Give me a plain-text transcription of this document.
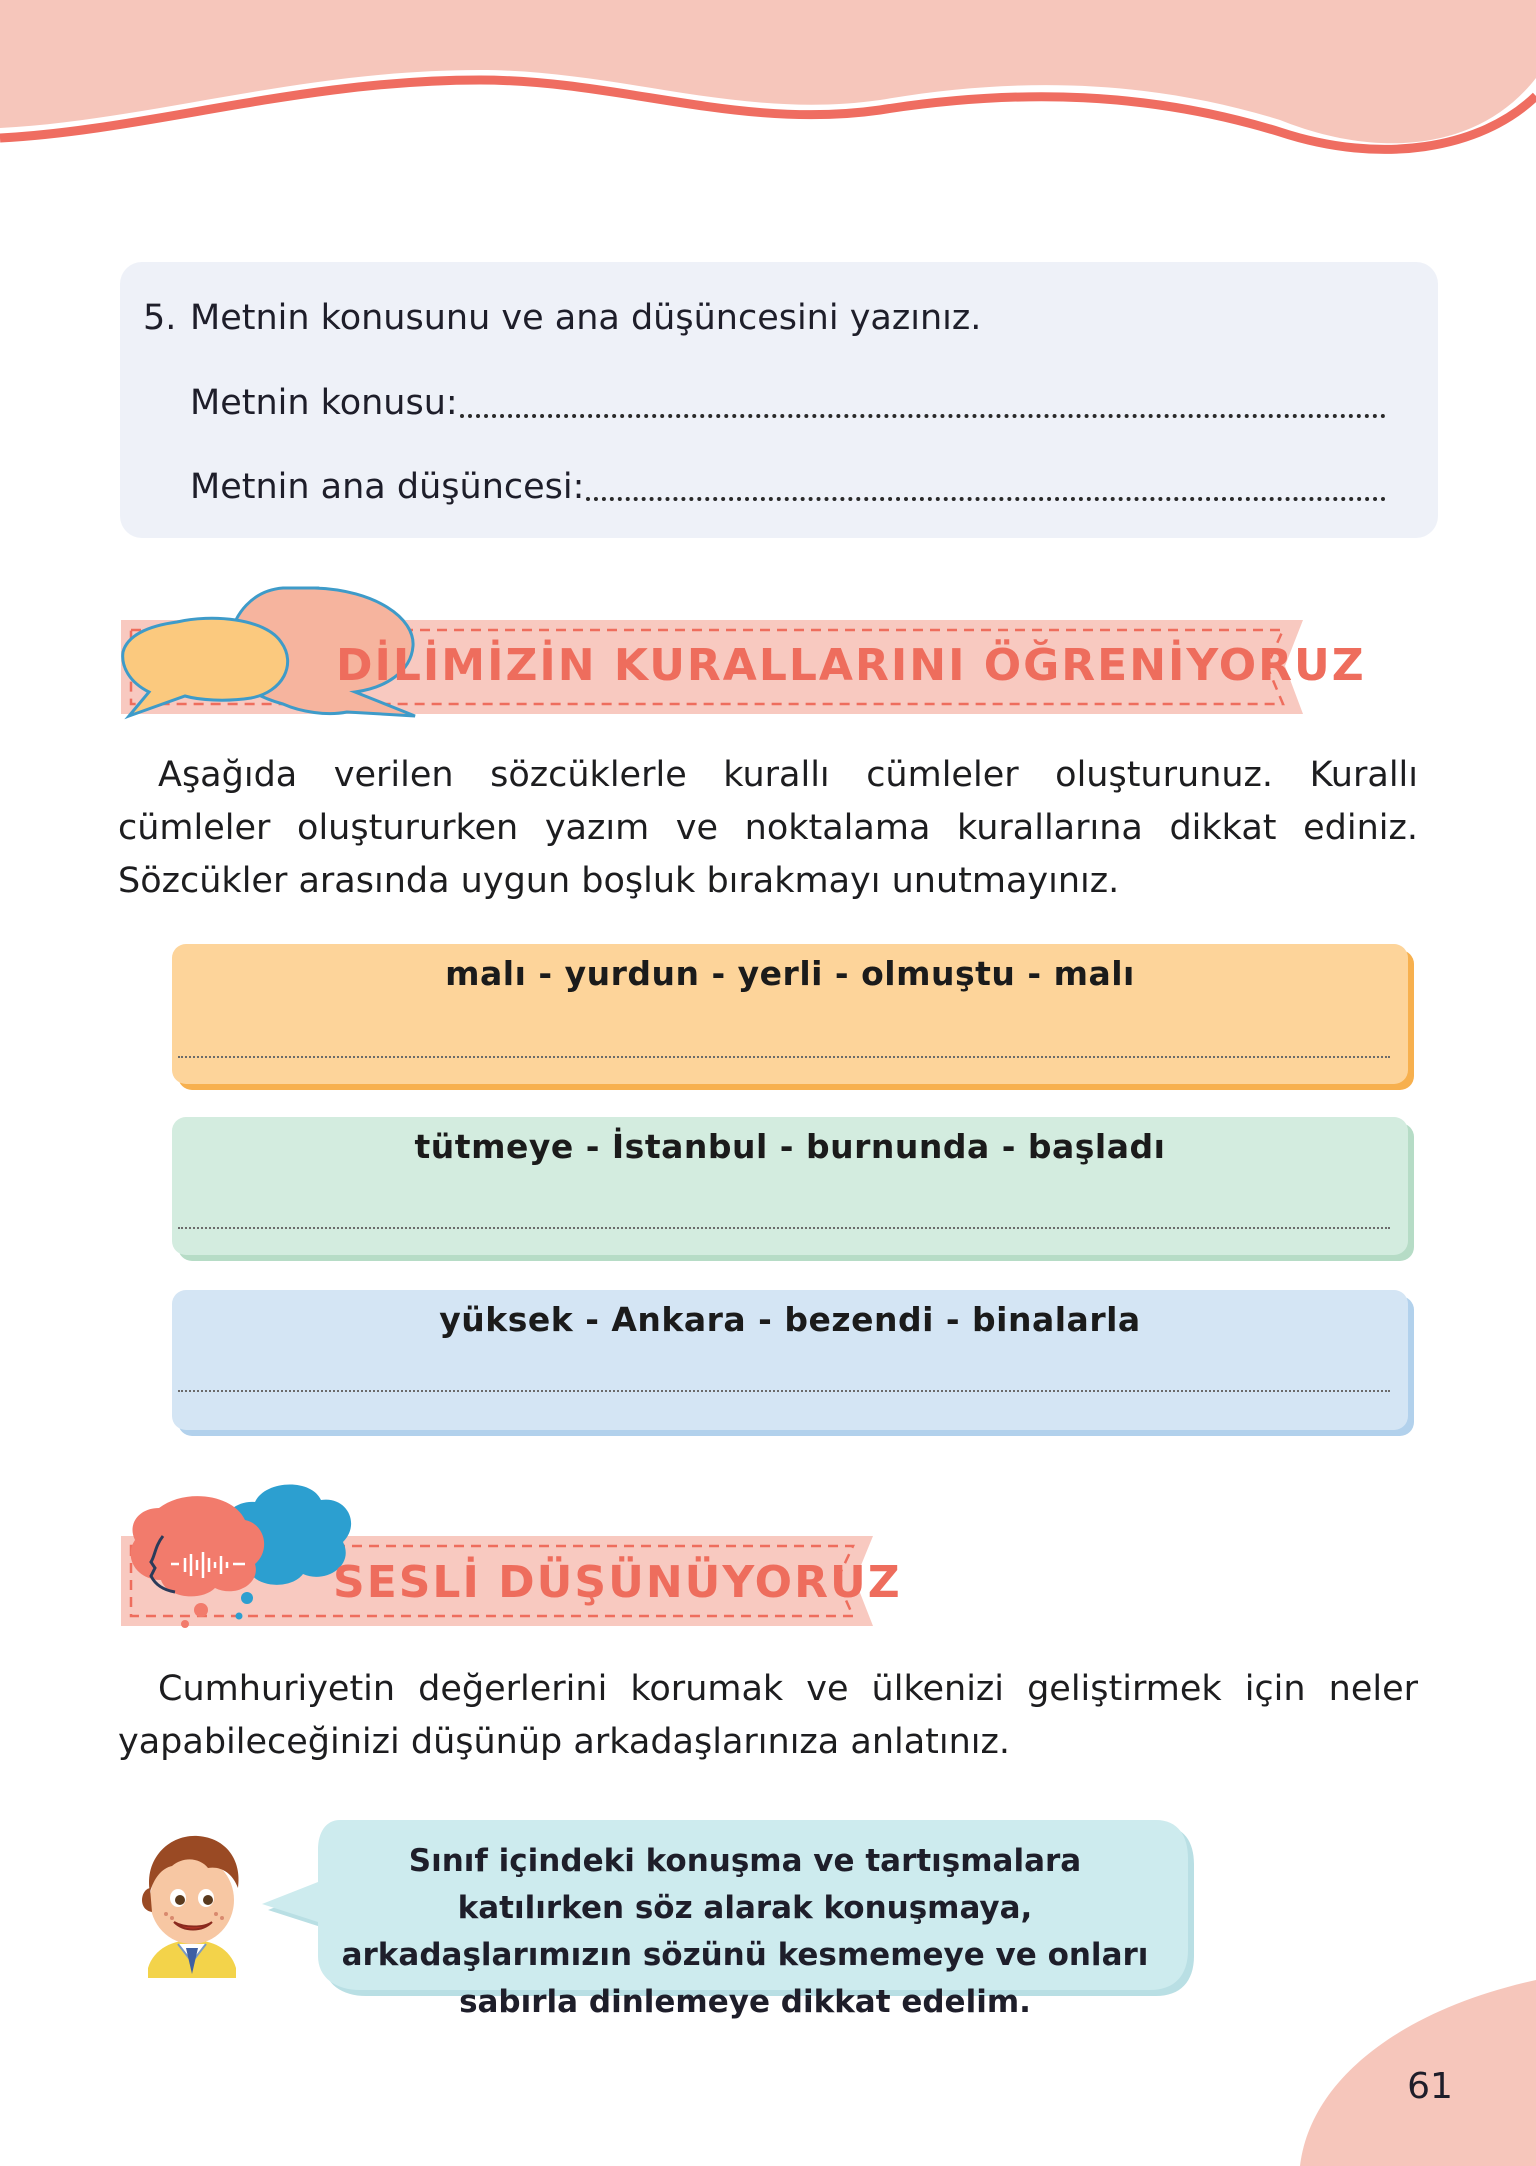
5. Metnin konusunu ve ana düşüncesini yazınız.
Metnin konusu:
Metnin ana düşüncesi:
DİLİMİZİN KURALLARINI ÖĞRENİYORUZ
Aşağıda verilen sözcüklerle kurallı cümleler oluşturunuz. Kurallı cümleler oluştururken yazım ve noktalama kurallarına dikkat ediniz. Sözcükler arasında uygun boşluk bırakmayı unutmayınız.
malı - yurdun - yerli - olmuştu - malı
tütmeye - İstanbul - burnunda - başladı
yüksek - Ankara - bezendi - binalarla
SESLİ DÜŞÜNÜYORUZ
Cumhuriyetin değerlerini korumak ve ülkenizi geliştirmek için neler yapabileceğinizi düşünüp arkadaşlarınıza anlatınız.
Sınıf içindeki konuşma ve tartışmalara katılırken söz alarak konuşmaya, arkadaşlarımızın sözünü kesmemeye ve onları sabırla dinlemeye dikkat edelim.
61
